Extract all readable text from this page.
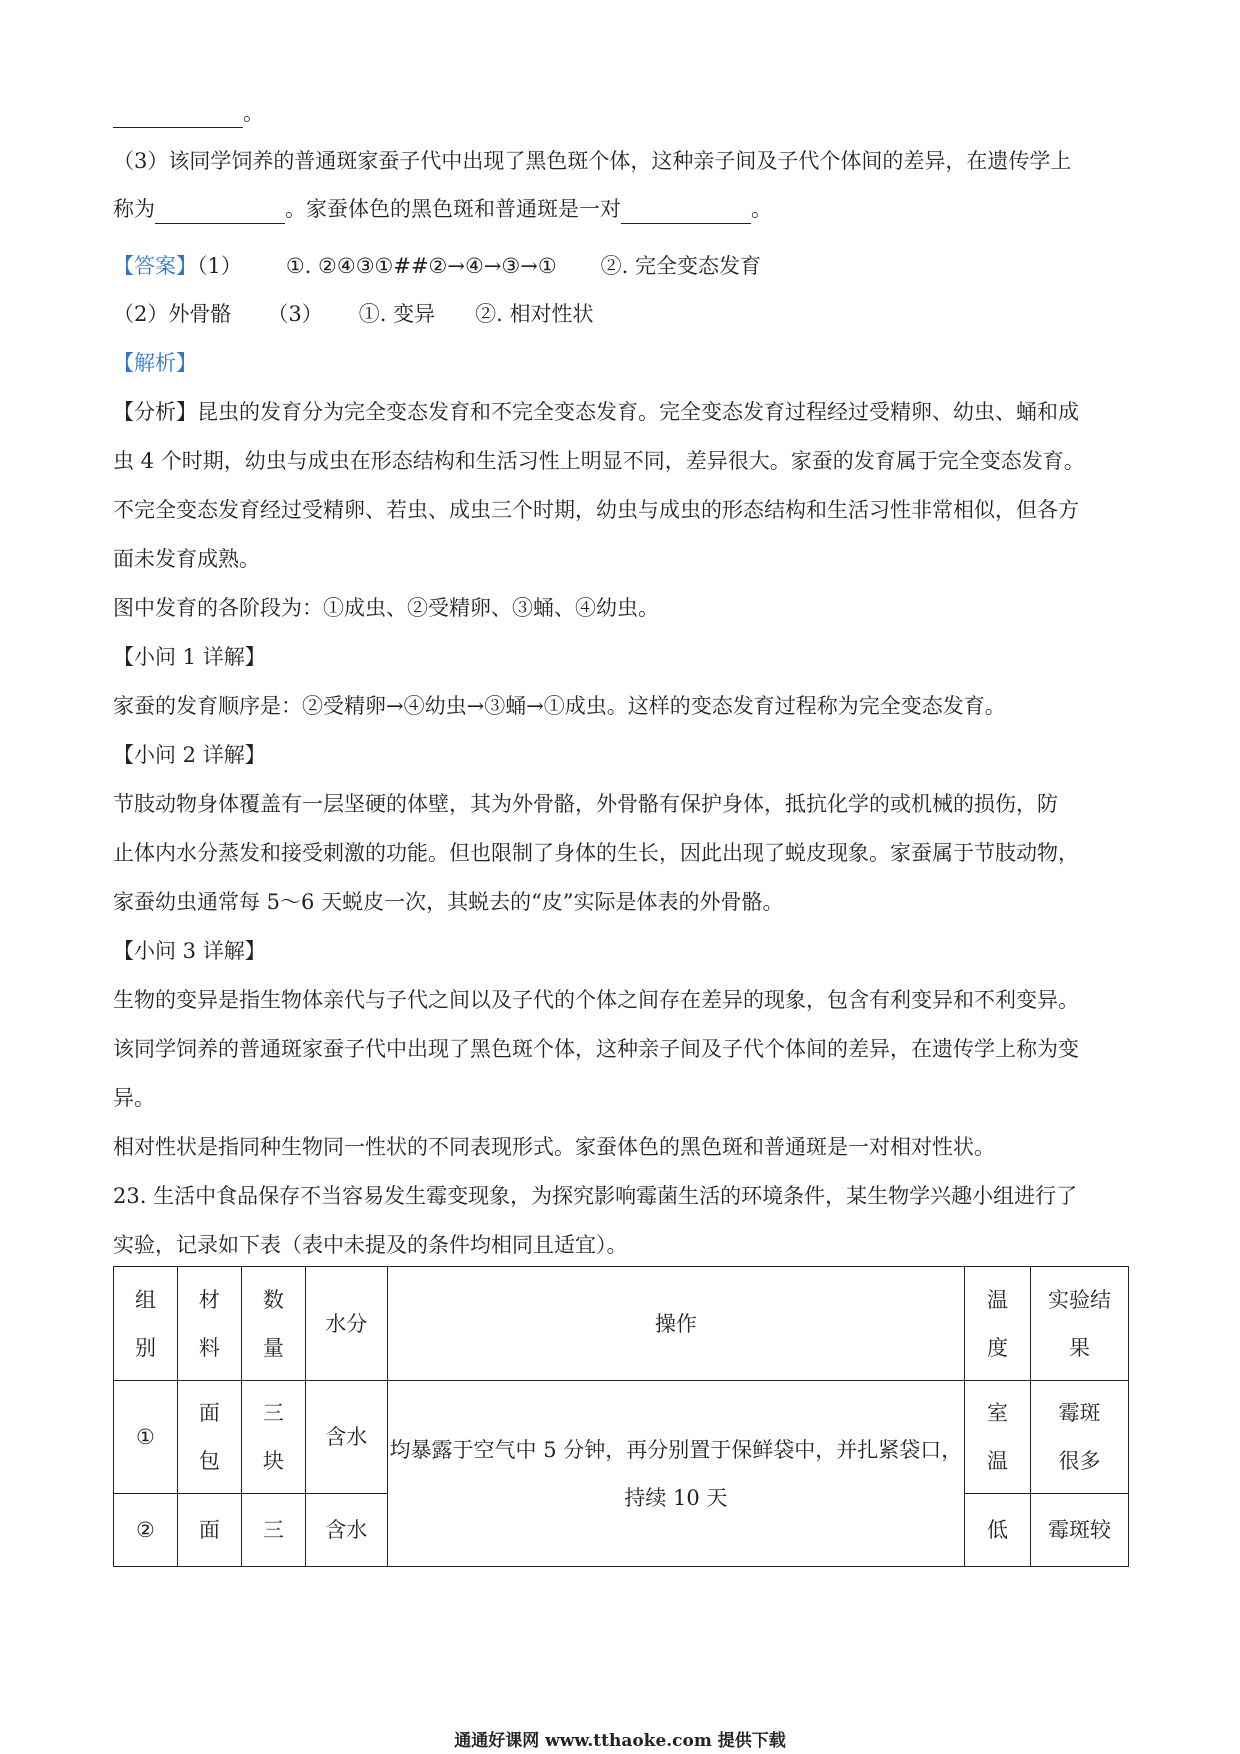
。
（3）该同学饲养的普通斑家蚕子代中出现了黑色斑个体，这种亲子间及子代个体间的差异，在遗传学上
称为	。家蚕体色的黑色斑和普通斑是一对	。
【答案】（1） ①. ②④③①##②→④→③→① ②. 完全变态发育
（2）外骨骼 （3） ①. 变异 ②. 相对性状
【解析】
【分析】昆虫的发育分为完全变态发育和不完全变态发育。完全变态发育过程经过受精卵、幼虫、蛹和成
虫 4 个时期，幼虫与成虫在形态结构和生活习性上明显不同，差异很大。家蚕的发育属于完全变态发育。
不完全变态发育经过受精卵、若虫、成虫三个时期，幼虫与成虫的形态结构和生活习性非常相似，但各方
面未发育成熟。
图中发育的各阶段为：①成虫、②受精卵、③蛹、④幼虫。
【小问 1 详解】
家蚕的发育顺序是：②受精卵→④幼虫→③蛹→①成虫。这样的变态发育过程称为完全变态发育。
【小问 2 详解】
节肢动物身体覆盖有一层坚硬的体壁，其为外骨骼，外骨骼有保护身体，抵抗化学的或机械的损伤，防
止体内水分蒸发和接受刺激的功能。但也限制了身体的生长，因此出现了蜕皮现象。家蚕属于节肢动物，
家蚕幼虫通常每 5～6 天蜕皮一次，其蜕去的“皮”实际是体表的外骨骼。
【小问 3 详解】
生物的变异是指生物体亲代与子代之间以及子代的个体之间存在差异的现象，包含有利变异和不利变异。
该同学饲养的普通斑家蚕子代中出现了黑色斑个体，这种亲子间及子代个体间的差异，在遗传学上称为变
异。
相对性状是指同种生物同一性状的不同表现形式。家蚕体色的黑色斑和普通斑是一对相对性状。
23. 生活中食品保存不当容易发生霉变现象，为探究影响霉菌生活的环境条件，某生物学兴趣小组进行了
实验，记录如下表（表中未提及的条件均相同且适宜）。
组别	材料	数量	水分	操作	温度	实验结果
①	面包	三块	含水	均暴露于空气中 5 分钟，再分别置于保鲜袋中，并扎紧袋口，持续 10 天	室温	霉斑很多
②	面	三	含水		低	霉斑较
通通好课网 www.tthaoke.com 提供下载
